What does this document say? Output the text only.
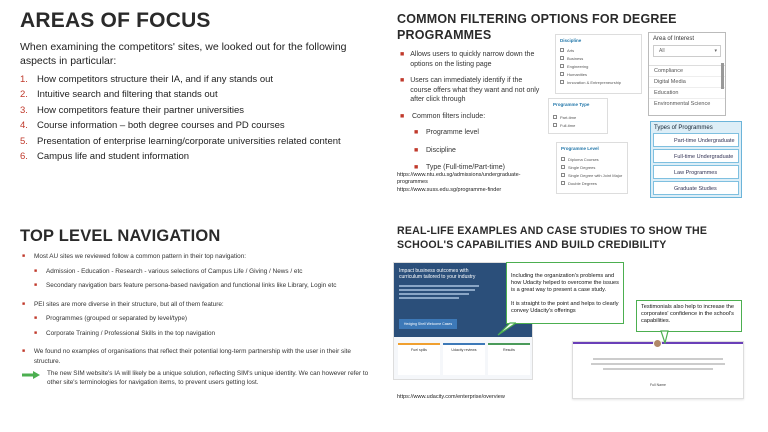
AREAS OF FOCUS
When examining the competitors' sites, we looked out for the following aspects in particular:
1. How competitors structure their IA, and if any stands out
2. Intuitive search and filtering that stands out
3. How competitors feature their partner universities
4. Course information – both degree courses and PD courses
5. Presentation of enterprise learning/corporate universities related content
6. Campus life and student information
COMMON FILTERING OPTIONS FOR DEGREE PROGRAMMES
■ Allows users to quickly narrow down the options on the listing page
■ Users can immediately identify if the course offers what they want and not only after click through
■ Common filters include:
■ Programme level
■ Discipline
■ Type (Full-time/Part-time)
https://www.ntu.edu.sg/admissions/undergraduate-programmes
https://www.suss.edu.sg/programme-finder
Discipline
Arts
Business
Engineering
Humanities
Innovation & Entrepreneurship
Programme Type
Part-time
Full-time
Programme Level
Diploma Courses
Single Degrees
Single Degree with Joint Major
Double Degrees
Area of Interest
All	▾
Compliance
Digital Media
Education
Environmental Science
Types of Programmes
Part-time Undergraduate
Full-time Undergraduate
Law Programmes
Graduate Studies
TOP LEVEL NAVIGATION
■	Most AU sites we reviewed follow a common pattern in their top navigation:
■	Admission - Education - Research - various selections of Campus Life / Giving / News / etc
■	Secondary navigation bars feature persona-based navigation and functional links like Library, Login etc
■	PEI sites are more diverse in their structure, but all of them feature:
■	Programmes (grouped or separated by level/type)
■	Corporate Training / Professional Skills in the top navigation
■	We found no examples of organisations that reflect their potential long-term partnership with the user in their site structure.
The new SIM website's IA will likely be a unique solution, reflecting SIM's unique identity. We can however refer to other site's terminologies for navigation items, to prevent users getting lost.
REAL-LIFE EXAMPLES AND CASE STUDIES TO SHOW THE SCHOOL'S CAPABILITIES AND BUILD CREDIBILITY
Impact business outcomes with curriculum tailored to your industry
Hedging Shell Welcome Cases
Fuel spills	Udacity reviews	Results

Including the organization's problems and how Udacity helped to overcome the issues is a great way to present a case study.

It is straight to the point and helps to clearly convey Udacity's offerings

Full Name
Testimonials also help to increase the corporates' confidence in the school's capabilities.
https://www.udacity.com/enterprise/overview
